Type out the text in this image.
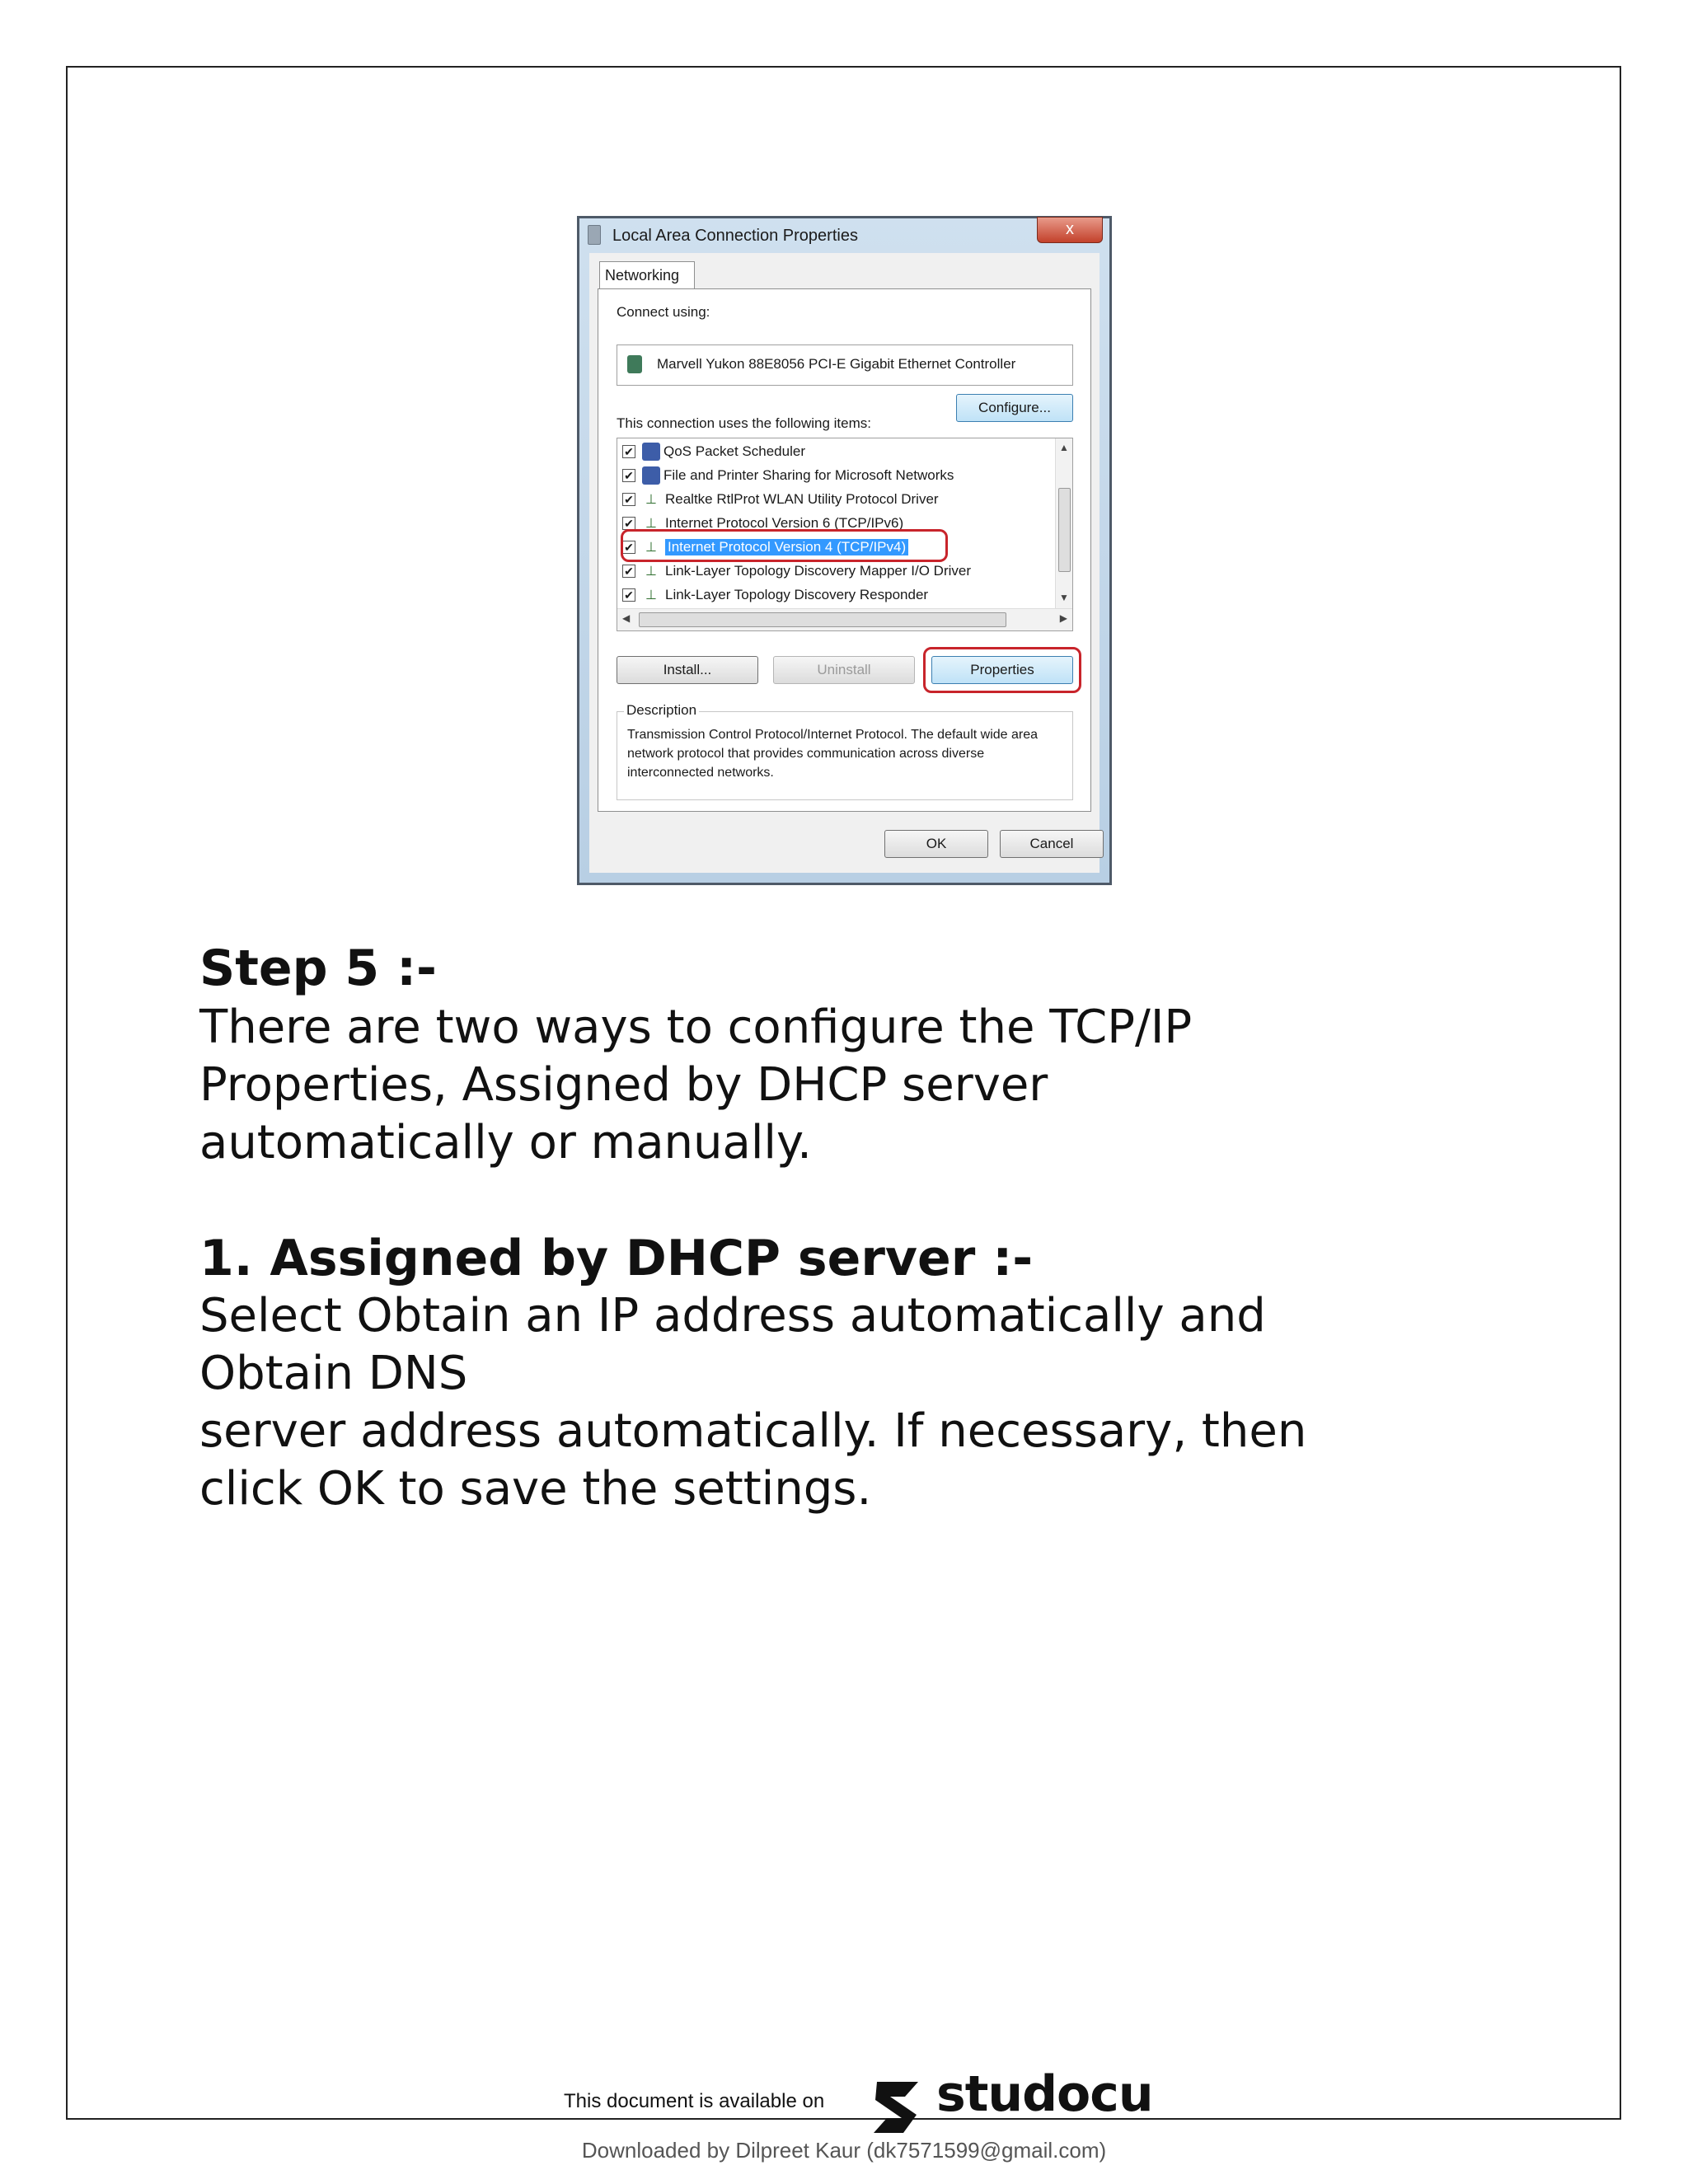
Local Area Connection Properties	x
Networking
Connect using:
Marvell Yukon 88E8056 PCI-E Gigabit Ethernet Controller
Configure...
This connection uses the following items:
✔ QoS Packet Scheduler
✔ File and Printer Sharing for Microsoft Networks
✔ ⊥ Realtke RtlProt WLAN Utility Protocol Driver
✔ ⊥ Internet Protocol Version 6 (TCP/IPv6)
✔ ⊥ Internet Protocol Version 4 (TCP/IPv4)
✔ ⊥ Link-Layer Topology Discovery Mapper I/O Driver
✔ ⊥ Link-Layer Topology Discovery Responder
▲
▼
◀	▶
Install...	Uninstall	Properties
Description
Transmission Control Protocol/Internet Protocol. The default wide area network protocol that provides communication across diverse interconnected networks.
OK	Cancel
Step 5 :-
There are two ways to configure the TCP/IP
Properties, Assigned by DHCP server
automatically or manually.
1. Assigned by DHCP server :-
Select Obtain an IP address automatically and
Obtain DNS
server address automatically. If necessary, then
click OK to save the settings.
This document is available on studocu
Downloaded by Dilpreet Kaur (dk7571599@gmail.com)
